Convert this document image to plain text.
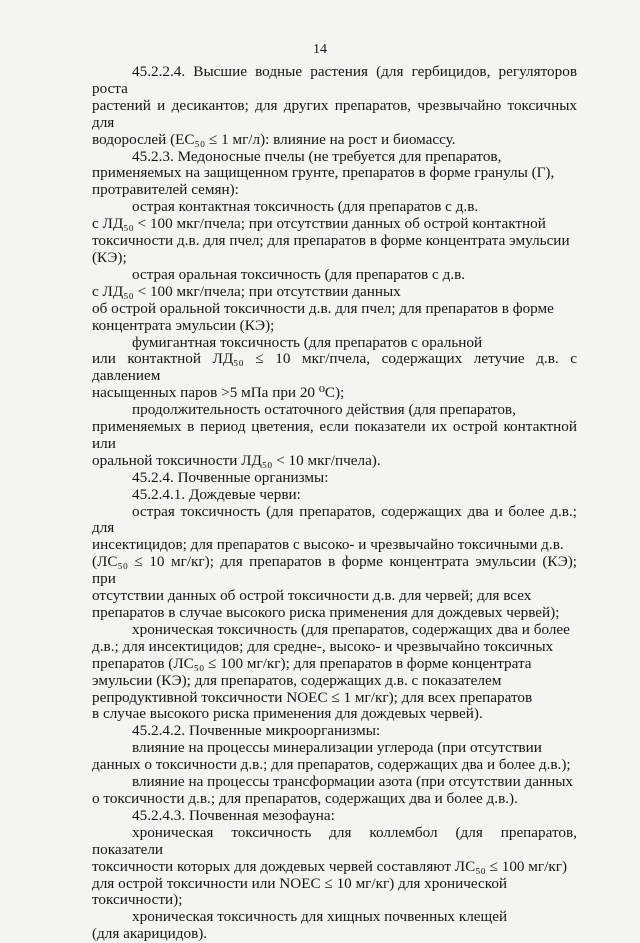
14

45.2.2.4. Высшие водные растения (для гербицидов, регуляторов роста
растений и десикантов; для других препаратов, чрезвычайно токсичных для
водорослей (EC₅₀ ≤ 1 мг/л): влияние на рост и биомассу.

45.2.3. Медоносные пчелы (не требуется для препаратов,
применяемых на защищенном грунте, препаратов в форме гранулы (Г),
протравителей семян):

острая контактная токсичность (для препаратов с д.в.
с ЛД₅₀ < 100 мкг/пчела; при отсутствии данных об острой контактной
токсичности д.в. для пчел; для препаратов в форме концентрата эмульсии
(КЭ);

острая оральная токсичность (для препаратов с д.в.
с ЛД₅₀ < 100 мкг/пчела; при отсутствии данных
об острой оральной токсичности д.в. для пчел; для препаратов в форме
концентрата эмульсии (КЭ);

фумигантная токсичность (для препаратов с оральной
или контактной ЛД₅₀ ≤ 10 мкг/пчела, содержащих летучие д.в. с давлением
насыщенных паров >5 мПа при 20 ⁰С);

продолжительность остаточного действия (для препаратов,
применяемых в период цветения, если показатели их острой контактной или
оральной токсичности ЛД₅₀ < 10 мкг/пчела).

45.2.4. Почвенные организмы:

45.2.4.1. Дождевые черви:

острая токсичность (для препаратов, содержащих два и более д.в.; для
инсектицидов; для препаратов с высоко- и чрезвычайно токсичными д.в.
(ЛС₅₀ ≤ 10 мг/кг); для препаратов в форме концентрата эмульсии (КЭ); при
отсутствии данных об острой токсичности д.в. для червей; для всех
препаратов в случае высокого риска применения для дождевых червей);

хроническая токсичность (для препаратов, содержащих два и более
д.в.; для инсектицидов; для средне-, высоко- и чрезвычайно токсичных
препаратов (ЛС₅₀ ≤ 100 мг/кг); для препаратов в форме концентрата
эмульсии (КЭ); для препаратов, содержащих д.в. с показателем
репродуктивной токсичности NOEC ≤ 1 мг/кг); для всех препаратов
в случае высокого риска применения для дождевых червей).

45.2.4.2. Почвенные микроорганизмы:

влияние на процессы минерализации углерода (при отсутствии
данных о токсичности д.в.; для препаратов, содержащих два и более д.в.);

влияние на процессы трансформации азота (при отсутствии данных
о токсичности д.в.; для препаратов, содержащих два и более д.в.).

45.2.4.3. Почвенная мезофауна:

хроническая токсичность для коллембол (для препаратов, показатели
токсичности которых для дождевых червей составляют ЛС₅₀ ≤ 100 мг/кг)
для острой токсичности или NOEC ≤ 10 мг/кг) для хронической
токсичности);

хроническая токсичность для хищных почвенных клещей
(для акарицидов).
